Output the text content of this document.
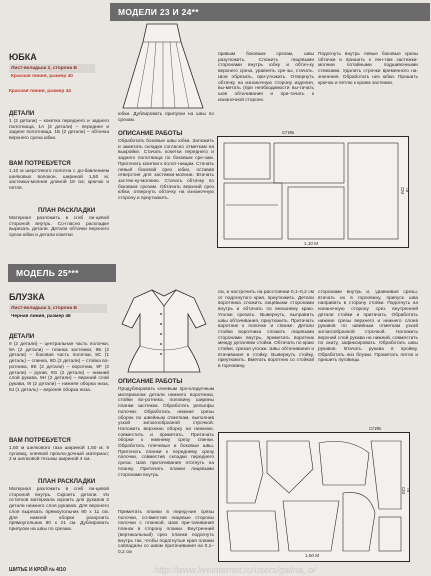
МОДЕЛИ 23 И 24**
ЮБКА
Лист-вкладыш 2, сторона Б
Красная линия, размер 40
Красная линия, размер 44
ДЕТАЛИ
1 (2 детали) – кокетка переднего и заднего полотнища, 1А (2 детали) – переднее и заднее полотнища, 1Б (2 детали) – обтачка верхнего среза юбки.
ВАМ ПОТРЕБУЕТСЯ
1,10 м шерстяного полотна с до-бавлением шелковых волокон, шириной 1,50 м; застежка-молния длиной 18 см; крючок и петля.
ПЛАН РАСКЛАДКИ
Материал разложить в сгиб ли-цевой стороной внутрь. Со-гласно раскладке вырезать детали. Детали обтачки верхнего среза юбки и детали кокетки
юбки. Дублировать припуски на швы по срезам.
ОПИСАНИЕ РАБОТЫ
Обработать боковые швы юбки. Заложить и заметать складки согласно отметкам на выкройке. Стачать кокетки переднего и заднего полотнища по боковым сре-зам. Притачать кокетки к полот-нищам. Стачать левый боковой срез юбки, оставив отверстие для застежки-молнии. Втачать застеж-ку-молнию. Стачать обтачку по боковым срезам. Обтачать верхний срез юбки, отвернуть обтачку на изнаночную сторону и приутюжить.
правым боковым срезам, швы разутюжить. Сложить лицевыми сторонами внутрь юбку и обтач-ку верхнего среза, уравнять сре-зы, стачать. Шов обрезать, при-утюжить. Отвернуть обтачку на изнаночную сторону изделия, вы-метать (при необходимости вы-тачать шов обтачивания и при-тачать к изнаночной стороне.
Подогнуть внутрь левые боковые срезы обтачки и пришить к лен-там застежки-молнии потайными подшивочными стежками. Удалить строчки временного на-значения. Обработать низ юбки. Пришить крючок и петлю к краям застежки.
СГИБ
1,10 М
75 СМ
МОДЕЛЬ 25***
БЛУЗКА
Лист-вкладыш 3, сторона Б
Черная линия, размер 46
ДЕТАЛИ
9 (2 детали) – центральная часть полочки, 9А (2 детали) – планка застежки, 9Б (2 детали) – боковая часть полочки, 9С (1 деталь) – спинка, 9D (2 детали) – стойка во-ротника, 9E (2 детали) – воротник, 9F (2 детали) – рукав, 9G (2 детали) – нижний слой рукава, 9H (2 детали) – верхний слой рукава, 9I (2 детали) – нижняя оборка низа, 9J (1 деталь) – верхняя оборка низа.
ВАМ ПОТРЕБУЕТСЯ
1,50 м шелкового газа шириной 1,50 м; 9 пуговиц; клеевой прокла-дочный материал; 2 м шелковой тесьмы шириной 4 см.
ПЛАН РАСКЛАДКИ
Материал разложить в сгиб ли-цевой стороной внутрь. Скроить детали. Из остатков материала скроить для рукавов 2 детали нижнего слоя рукавов. Для верхнего слоя вырезать прямоугольник 90 х 11 см. Для нижней оборки раскроить прямоугольник 90 х 21 см. Дублировать припуски на швы по срезам.
ОПИСАНИЕ РАБОТЫ
Продублировать клеевым про-кладочным материалом детали нижнего воротника, стойки во-ротника, половину ширины планки застежки. Обработать рельефы полочки. Обработать нижние срезы оборок по швейным отметкам, выполнив узкой зигзагообразной строчкой. Наложить верхнюю оборку на нижнюю, совместить и приметать. Притачать оборки к нижнему срезу спинки. Обработать плечевые и боковые швы. Притачать планки к переднему срезу полочки, совместив складки переднего среза. Шов притачивания отогнуть на планку. Притачать планки лицевыми сторонами внутрь.
Приметать планки в перед-ние срезы полочки, со-вместив лицевые стороны полочки с планкой. Шов при-тачивания планок в сторону планки. Внутренний (вертикальный) срез планки подогнуть внутрь так, чтобы подогнутые края планки совпадали со швом притачивания на 0,1–0,2 см
см, и настрочить на расстоянии 0,1–0,2 см от подогнутого края, приутюжить. Детали воротника сложить лицевыми сторонами внутрь и обтачать по внешнему краю. Уголки срезать. Вывернуть, выправить швы обтачивания, приутюжить. Притачать воротник к полочке и спинке. Детали стойки воротника сложить лицевыми сторонами внутрь, приметать воротник между деталями стойки. Обтачать по краю стойки, срезая уголки. Швы обтачивания и втачивания в стойку. Вывернуть стойку, приутюжить. Вметать воротник со стойкой в горловину.
сторонами внутрь и, уравнивая срезы, втачать их в горловину, припуск шва направить в сторону стойки. Подогнуть на изнаночную сторону срез внутренней детали стойки и притачать. Обработать нижние срезы верхнего и нижнего слоев рукавов по швейным отметкам узкой зигзагообразной строчкой. Наложить верхний слой рукава на нижний, совместить по окату, зафиксировать. Обработать швы рукавов. Втачать рукава в пройму. Обработать низ блузки. Прометать петли и пришить пуговицы.
СГИБ
1,50 М
75 СМ
ШИТЬЕ И КРОЙ № 4/10	http://www.liveinternet.ru/users/galina_o/
